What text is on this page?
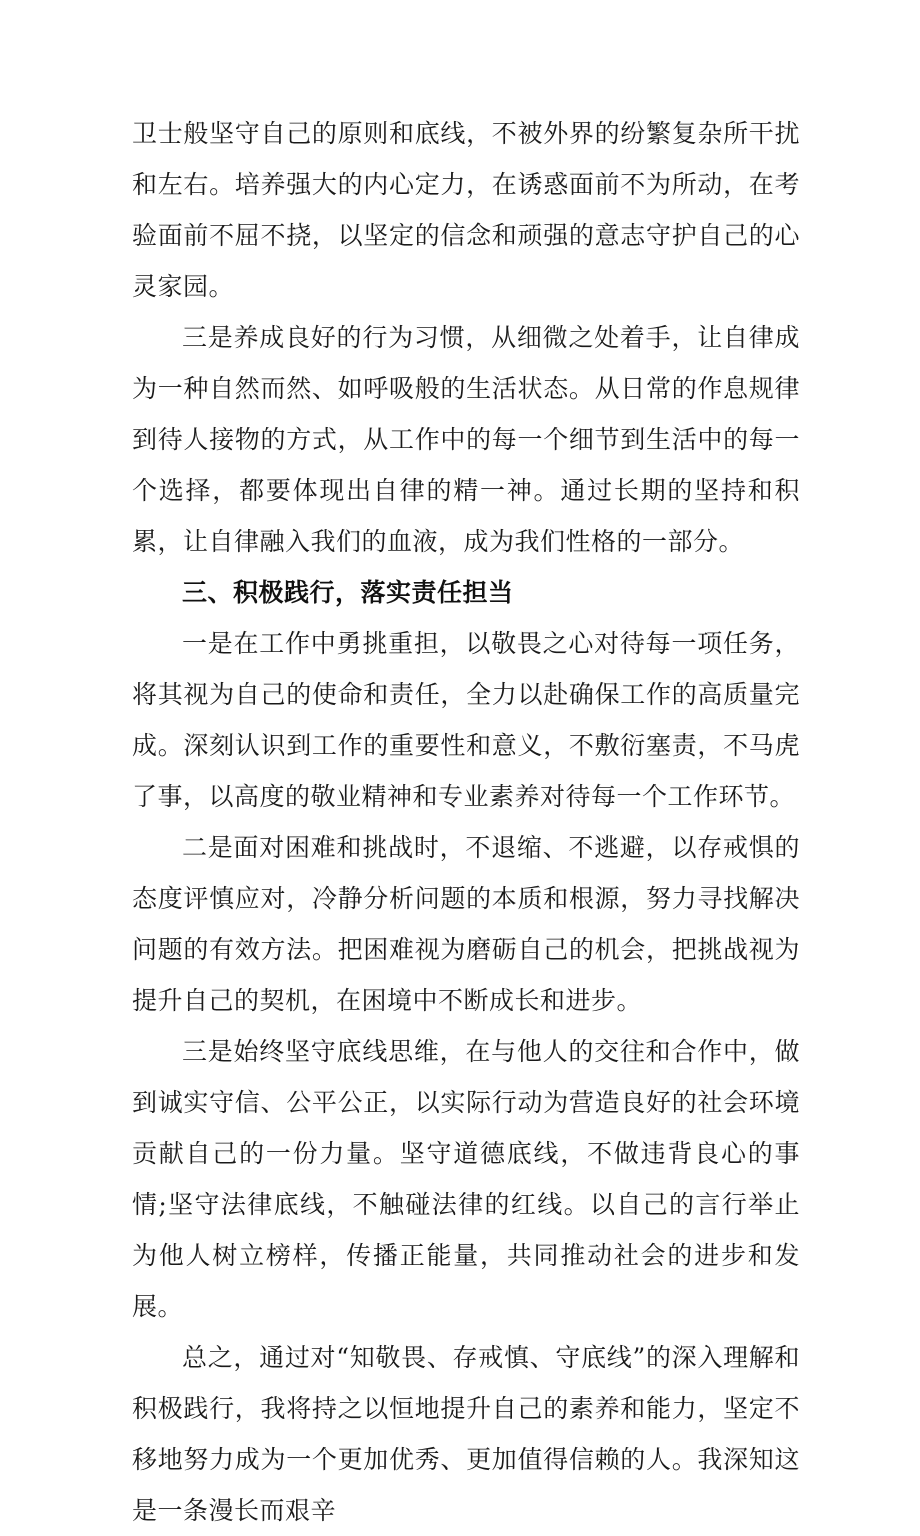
卫士般坚守自己的原则和底线，不被外界的纷繁复杂所干扰和左右。培养强大的内心定力，在诱惑面前不为所动，在考验面前不屈不挠，以坚定的信念和顽强的意志守护自己的心灵家园。

三是养成良好的行为习惯，从细微之处着手，让自律成为一种自然而然、如呼吸般的生活状态。从日常的作息规律到待人接物的方式，从工作中的每一个细节到生活中的每一个选择，都要体现出自律的精一神。通过长期的坚持和积累，让自律融入我们的血液，成为我们性格的一部分。

三、积极践行，落实责任担当

一是在工作中勇挑重担，以敬畏之心对待每一项任务，将其视为自己的使命和责任，全力以赴确保工作的高质量完成。深刻认识到工作的重要性和意义，不敷衍塞责，不马虎了事，以高度的敬业精神和专业素养对待每一个工作环节。

二是面对困难和挑战时，不退缩、不逃避，以存戒惧的态度评慎应对，冷静分析问题的本质和根源，努力寻找解决问题的有效方法。把困难视为磨砺自己的机会，把挑战视为提升自己的契机，在困境中不断成长和进步。

三是始终坚守底线思维，在与他人的交往和合作中，做到诚实守信、公平公正，以实际行动为营造良好的社会环境贡献自己的一份力量。坚守道德底线，不做违背良心的事情;坚守法律底线，不触碰法律的红线。以自己的言行举止为他人树立榜样，传播正能量，共同推动社会的进步和发展。

总之，通过对“知敬畏、存戒慎、守底线”的深入理解和积极践行，我将持之以恒地提升自己的素养和能力，坚定不移地努力成为一个更加优秀、更加值得信赖的人。我深知这是一条漫长而艰辛
